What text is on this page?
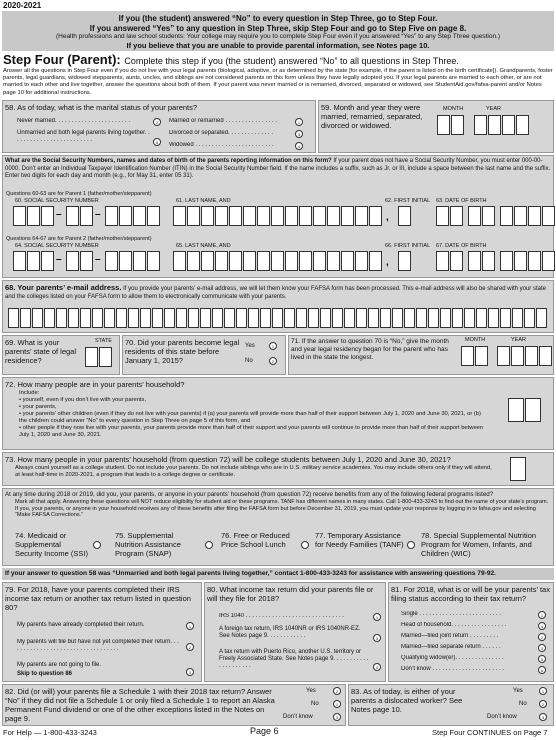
2020-2021
If you (the student) answered “No” to every question in Step Three, go to Step Four.
If you answered “Yes” to any question in Step Three, skip Step Four and go to Step Five on page 8.
(Health professions and law school students: Your college may require you to complete Step Four even if you answered “Yes” to any Step Three question.)
If you believe that you are unable to provide parental information, see Notes page 10.
Step Four (Parent): Complete this step if you (the student) answered “No” to all questions in Step Three.
Answer all the questions in Step Four even if you do not live with your legal parents (biological, adoptive, or as determined by the state [for example, if the parent is listed on the birth certificate]). Grandparents, foster parents, legal guardians, widowed stepparents, aunts, uncles, and siblings are not considered parents on this form unless they have legally adopted you. If your legal parents are married to each other, or are not married to each other and live together, answer the questions about both of them. If your parent was never married or is remarried, divorced, separated or widowed, see StudentAid.gov/fafsa-parent and/or Notes page 10 for additional instructions.
58. As of today, what is the marital status of your parents?
Never married. . . . . . . . . . . . . . . . . . . . . . .	2
Unmarried and both legal parents living together. . . . . . . . . . . . . . . . . . . . . . . . .	5
Married or remarried . . . . . . . . . . . . . . . .	1
Divorced or separated. . . . . . . . . . . . . .	3
Widowed . . . . . . . . . . . . . . . . . . . . . . . .	4
59. Month and year they were married, remarried, separated, divorced or widowed.
MONTH	YEAR
What are the Social Security Numbers, names and dates of birth of the parents reporting information on this form? If your parent does not have a Social Security Number, you must enter 000-00-0000. Don’t enter an Individual Taxpayer Identification Number (ITIN) in the Social Security Number field. If the name includes a suffix, such as Jr. or III, include a space between the last name and the suffix. Enter two digits for each day and month (e.g., for May 31, enter 05 31).
Questions 60-63 are for Parent 1 (father/mother/stepparent)
60. SOCIAL SECURITY NUMBER	61. LAST NAME, AND	62. FIRST INITIAL 63. DATE OF BIRTH
Questions 64-67 are for Parent 2 (father/mother/stepparent)
64. SOCIAL SECURITY NUMBER	65. LAST NAME, AND	66. FIRST INITIAL 67. DATE OF BIRTH
–	–	,
–	–	,
68. Your parents’ e-mail address. If you provide your parents’ e-mail address, we will let them know your FAFSA form has been processed. This e-mail address will also be shared with your state and the colleges listed on your FAFSA form to allow them to electronically communicate with your parents.
69. What is your parents’ state of legal residence?
STATE 70. Did your parents become legal residents of this state before January 1, 2015?
Yes	1
No	2
71. If the answer to question 70 is “No,” give the month and year legal residency began for the parent who has lived in the state the longest.
MONTH	YEAR
72. How many people are in your parents’ household?
Include:
• yourself, even if you don’t live with your parents,
• your parents,
• your parents’ other children (even if they do not live with your parents) if (a) your parents will provide more than half of their support between July 1, 2020 and June 30, 2021, or (b) the children could answer “No” to every question in Step Three on page 5 of this form, and
• other people if they now live with your parents, your parents provide more than half of their support and your parents will continue to provide more than half of their support between July 1, 2020 and June 30, 2021.
73. How many people in your parents’ household (from question 72) will be college students between July 1, 2020 and June 30, 2021?
Always count yourself as a college student. Do not include your parents. Do not include siblings who are in U.S. military service academies. You may include others only if they will attend, at least half-time in 2020-2021, a program that leads to a college degree or certificate.
At any time during 2018 or 2019, did you, your parents, or anyone in your parents’ household (from question 72) receive benefits from any of the following federal programs listed?
Mark all that apply. Answering these questions will NOT reduce eligibility for student aid or these programs. TANF has different names in many states. Call 1-800-433-3243 to find out the name of your state’s program. If you, your parents, or anyone in your household receives any of these benefits after filing the FAFSA form but before December 31, 2019, you must update your response by logging in to fafsa.gov and selecting “Make FAFSA Corrections.”
74. Medicaid or Supplemental Security Income (SSI)
75. Supplemental Nutrition Assistance Program (SNAP)
76. Free or Reduced Price School Lunch
77. Temporary Assistance for Needy Families (TANF)
78. Special Supplemental Nutrition Program for Women, Infants, and Children (WIC)
If your answer to question 58 was “Unmarried and both legal parents living together,” contact 1-800-433-3243 for assistance with answering questions 79-92.
79. For 2018, have your parents completed their IRS income tax return or another tax return listed in question 80?
My parents have already completed their return.	1
My parents will file but have not yet completed their return. . . . . . . . . . . . . . . . . . . . . . . . . . . . . . . . . .	2
My parents are not going to file.
Skip to question 86	3
80. What income tax return did your parents file or will they file for 2018?
IRS 1040 . . . . . . . . . . . . . . . . . . . . . . . . . . . . . .	1
A foreign tax return, IRS 1040NR or IRS 1040NR-EZ. See Notes page 9. . . . . . . . . . . .	3
A tax return with Puerto Rico, another U.S. territory or Freely Associated State. See Notes page 9. . . . . . . . . . . . . . . . . . . . .	4
81. For 2018, what is or will be your parents’ tax filing status according to their tax return?
Single . . . . . . . . . . . . . . . . . . . . . . . . .	1
Head of household. . . . . . . . . . . . . . . . .	4
Married—filed joint return . . . . . . . . .	2
Married—filed separate return . . . . . .	3
Qualifying widow(er). . . . . . . . . . . . . . .	5
Don’t know . . . . . . . . . . . . . . . . . . . . . .	6
82. Did (or will) your parents file a Schedule 1 with their 2018 tax return? Answer “No” if they did not file a Schedule 1 or only filed a Schedule 1 to report an Alaska Permanent Fund dividend or one of the other exceptions listed in the Notes on page 9.
Yes	2
No	1
Don’t know	3
83. As of today, is either of your parents a dislocated worker? See Notes page 10.
Yes	1
No	2
Don’t know	3
For Help — 1-800-433-3243	Page 6	Step Four CONTINUES on Page 7
